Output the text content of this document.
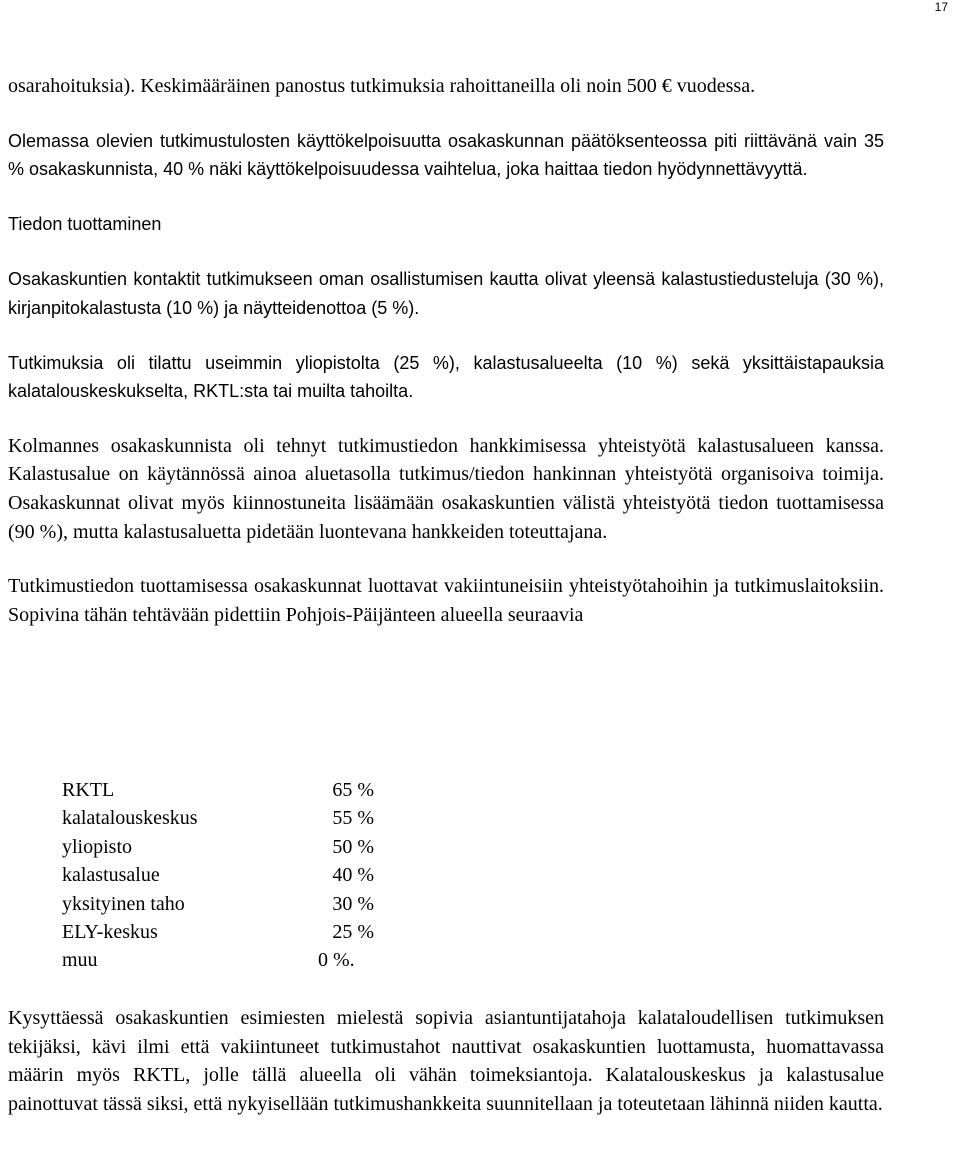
17

osarahoituksia). Keskimääräinen panostus tutkimuksia rahoittaneilla oli noin 500 € vuodessa.

Olemassa olevien tutkimustulosten käyttökelpoisuutta osakaskunnan päätöksenteossa piti riittävänä vain 35 % osakaskunnista, 40 % näki käyttökelpoisuudessa vaihtelua, joka haittaa tiedon hyödynnettävyyttä.

Tiedon tuottaminen

Osakaskuntien kontaktit tutkimukseen oman osallistumisen kautta olivat yleensä kalastustiedusteluja (30 %), kirjanpitokalastusta (10 %) ja näytteidenottoa (5 %).

Tutkimuksia oli tilattu useimmin yliopistolta (25 %), kalastusalueelta (10 %) sekä yksittäistapauksia kalatalouskeskukselta, RKTL:sta tai muilta tahoilta.

Kolmannes osakaskunnista oli tehnyt tutkimustiedon hankkimisessa yhteistyötä kalastusalueen kanssa. Kalastusalue on käytännössä ainoa aluetasolla tutkimus/tiedon hankinnan yhteistyötä organisoiva toimija. Osakaskunnat olivat myös kiinnostuneita lisäämään osakaskuntien välistä yhteistyötä tiedon tuottamisessa (90 %), mutta kalastusaluetta pidetään luontevana hankkeiden toteuttajana.

Tutkimustiedon tuottamisessa osakaskunnat luottavat vakiintuneisiin yhteistyötahoihin ja tutkimuslaitoksiin. Sopivina tähän tehtävään pidettiin Pohjois-Päijänteen alueella seuraavia

RKTL	65 %
kalatalouskeskus	55 %
yliopisto	50 %
kalastusalue	40 %
yksityinen taho	30 %
ELY-keskus	25 %
muu	0 %.

Kysyttäessä osakaskuntien esimiesten mielestä sopivia asiantuntijatahoja kalataloudellisen tutkimuksen tekijäksi, kävi ilmi että vakiintuneet tutkimustahot nauttivat osakaskuntien luottamusta, huomattavassa määrin myös RKTL, jolle tällä alueella oli vähän toimeksiantoja. Kalatalouskeskus ja kalastusalue painottuvat tässä siksi, että nykyisellään tutkimushankkeita suunnitellaan ja toteutetaan lähinnä niiden kautta.
